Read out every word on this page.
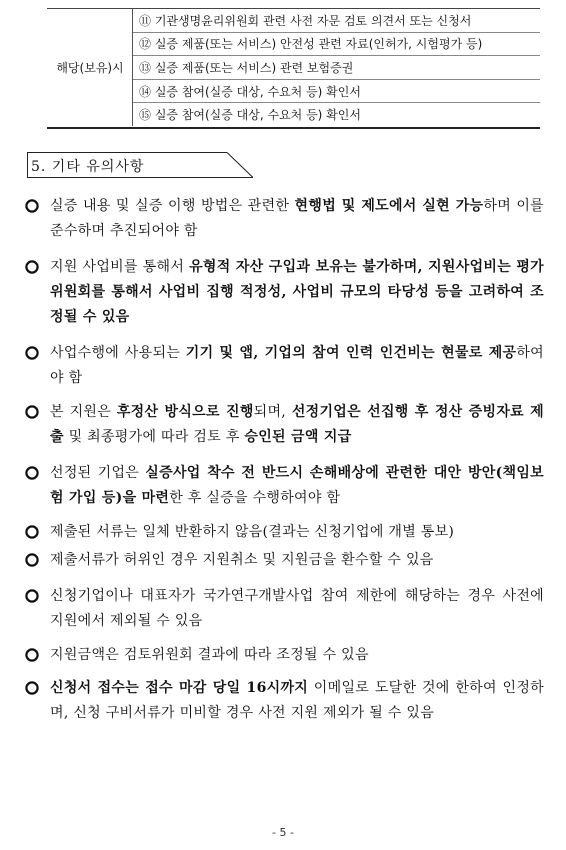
해당(보유)시	⑪ 기관생명윤리위원회 관련 사전 자문 검토 의견서 또는 신청서
⑫ 실증 제품(또는 서비스) 안전성 관련 자료(인허가, 시험평가 등)
⑬ 실증 제품(또는 서비스) 관련 보험증권
⑭ 실증 참여(실증 대상, 수요처 등) 확인서
⑮ 실증 참여(실증 대상, 수요처 등) 확인서
5. 기타 유의사항
실증 내용 및 실증 이행 방법은 관련한 현행법 및 제도에서 실현 가능하며 이를 준수하며 추진되어야 함
지원 사업비를 통해서 유형적 자산 구입과 보유는 불가하며, 지원사업비는 평가위원회를 통해서 사업비 집행 적정성, 사업비 규모의 타당성 등을 고려하여 조정될 수 있음
사업수행에 사용되는 기기 및 앱, 기업의 참여 인력 인건비는 현물로 제공하여야 함
본 지원은 후정산 방식으로 진행되며, 선정기업은 선집행 후 정산 증빙자료 제출 및 최종평가에 따라 검토 후 승인된 금액 지급
선정된 기업은 실증사업 착수 전 반드시 손해배상에 관련한 대안 방안(책임보험 가입 등)을 마련한 후 실증을 수행하여야 함
제출된 서류는 일체 반환하지 않음(결과는 신청기업에 개별 통보)
제출서류가 허위인 경우 지원취소 및 지원금을 환수할 수 있음
신청기업이나 대표자가 국가연구개발사업 참여 제한에 해당하는 경우 사전에 지원에서 제외될 수 있음
지원금액은 검토위원회 결과에 따라 조정될 수 있음
신청서 접수는 접수 마감 당일 16시까지 이메일로 도달한 것에 한하여 인정하며, 신청 구비서류가 미비할 경우 사전 지원 제외가 될 수 있음
- 5 -
